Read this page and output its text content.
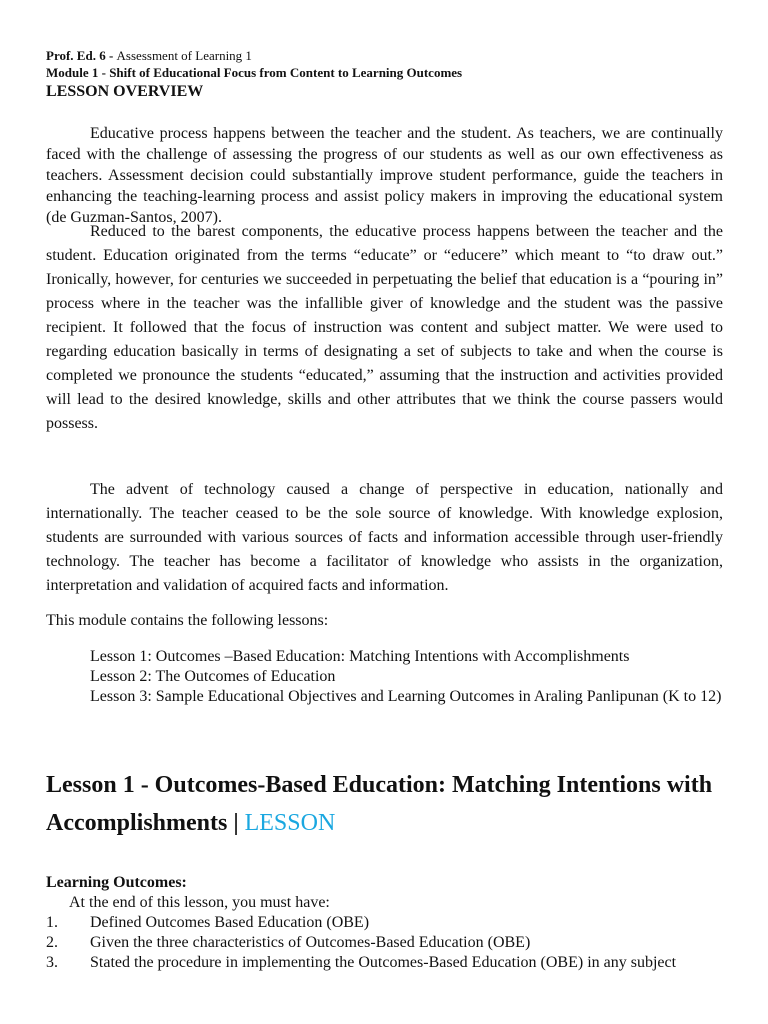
Prof. Ed. 6 - Assessment of Learning 1
Module 1 - Shift of Educational Focus from Content to Learning Outcomes
LESSON OVERVIEW

Educative process happens between the teacher and the student. As teachers, we are continually faced with the challenge of assessing the progress of our students as well as our own effectiveness as teachers. Assessment decision could substantially improve student performance, guide the teachers in enhancing the teaching-learning process and assist policy makers in improving the educational system (de Guzman-Santos, 2007).

Reduced to the barest components, the educative process happens between the teacher and the student. Education originated from the terms “educate” or “educere” which meant to “to draw out.” Ironically, however, for centuries we succeeded in perpetuating the belief that education is a “pouring in” process where in the teacher was the infallible giver of knowledge and the student was the passive recipient. It followed that the focus of instruction was content and subject matter. We were used to regarding education basically in terms of designating a set of subjects to take and when the course is completed we pronounce the students “educated,” assuming that the instruction and activities provided will lead to the desired knowledge, skills and other attributes that we think the course passers would possess.

The advent of technology caused a change of perspective in education, nationally and internationally. The teacher ceased to be the sole source of knowledge. With knowledge explosion, students are surrounded with various sources of facts and information accessible through user-friendly technology. The teacher has become a facilitator of knowledge who assists in the organization, interpretation and validation of acquired facts and information.

This module contains the following lessons:
Lesson 1: Outcomes –Based Education: Matching Intentions with Accomplishments
Lesson 2: The Outcomes of Education
Lesson 3: Sample Educational Objectives and Learning Outcomes in Araling Panlipunan (K to 12)
Lesson 1 - Outcomes-Based Education: Matching Intentions with Accomplishments | LESSON
Learning Outcomes:
At the end of this lesson, you must have:
1. Defined Outcomes Based Education (OBE)
2. Given the three characteristics of Outcomes-Based Education (OBE)
3. Stated the procedure in implementing the Outcomes-Based Education (OBE) in any subject
